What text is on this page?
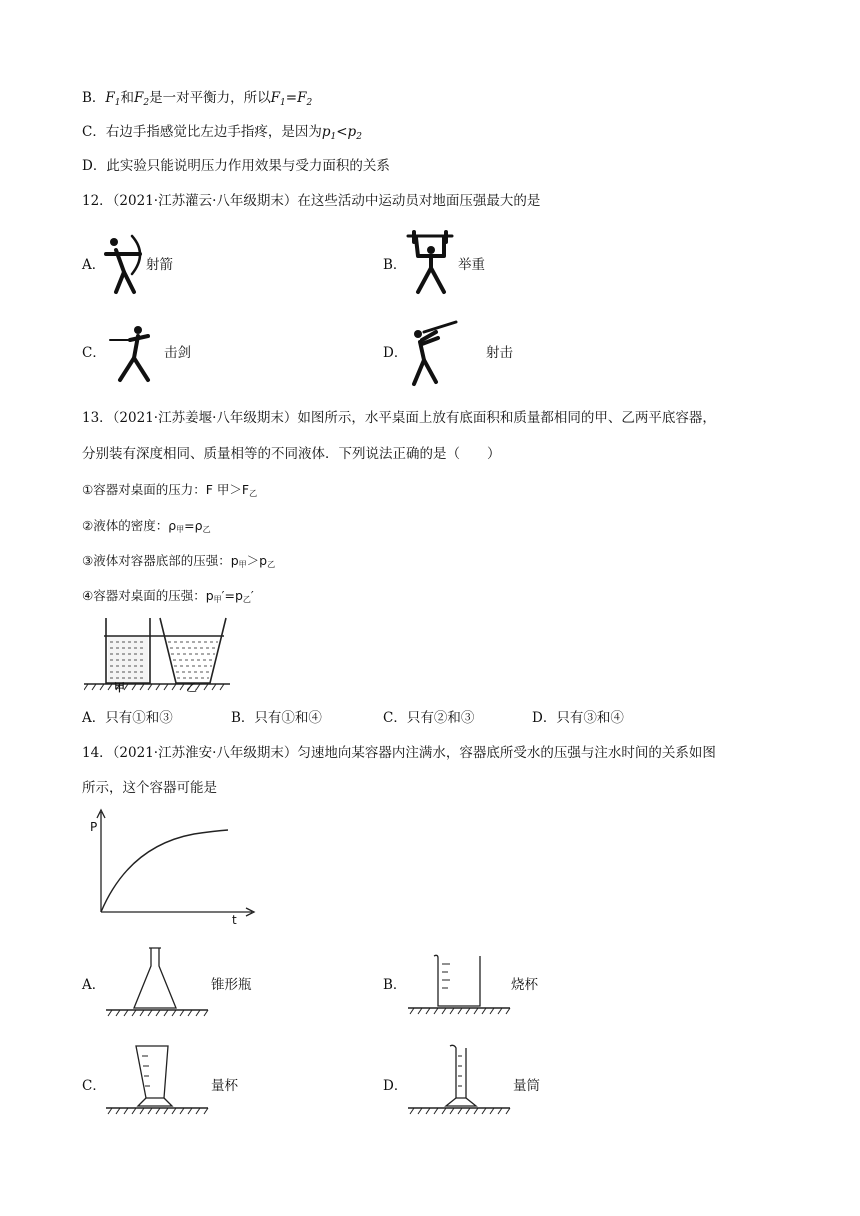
B．$F_1$和$F_2$是一对平衡力，所以$F_1=F_2$
C．右边手指感觉比左边手指疼，是因为$p_1<p_2$
D．此实验只能说明压力作用效果与受力面积的关系
12．（2021·江苏灌云·八年级期末）在这些活动中运动员对地面压强最大的是
A．	射箭	B．	举重
C．	击剑	D．	射击
13．（2021·江苏姜堰·八年级期末）如图所示，水平桌面上放有底面积和质量都相同的甲、乙两平底容器，
分别装有深度相同、质量相等的不同液体．下列说法正确的是（　　）
①容器对桌面的压力：F 甲$>F_乙$
②液体的密度：$\rho_甲=\rho_乙$
③液体对容器底部的压强：$p_甲>p_乙$
④容器对桌面的压强：$p_甲'=p_乙'$
甲	乙
A．只有①和③	B．只有①和④	C．只有②和③	D．只有③和④
14．（2021·江苏淮安·八年级期末）匀速地向某容器内注满水，容器底所受水的压强与注水时间的关系如图
所示，这个容器可能是
P
t
A．	锥形瓶	B．	烧杯
C．	量杯	D．	量筒
